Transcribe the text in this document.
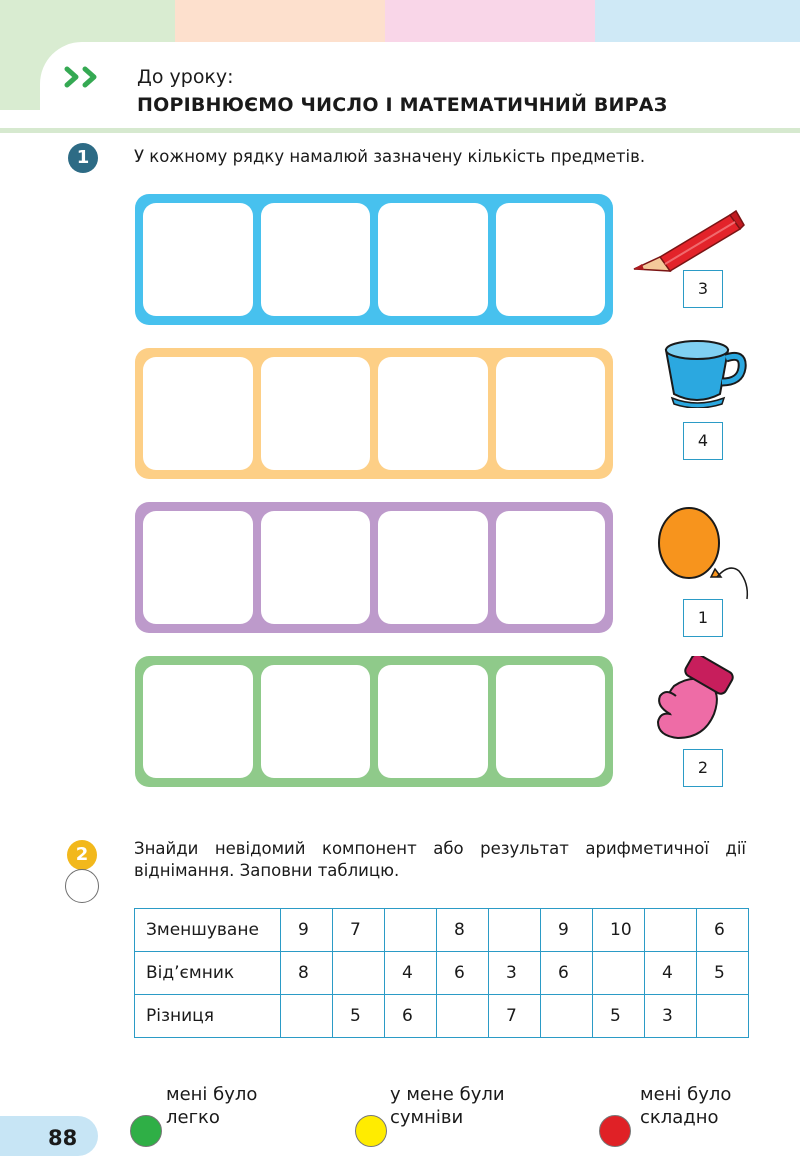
До уроку:
ПОРІВНЮЄМО ЧИСЛО І МАТЕМАТИЧНИЙ ВИРАЗ
1	У кожному рядку намалюй зазначену кількість предметів.
3
4
1
2
2	Знайди невідомий компонент або результат арифметичної дії
віднімання. Заповни таблицю.
Зменшуване	9	7		8		9	10		6
Від’ємник	8		4	6	3	6		4	5
Різниця		5	6		7		5	3	
88
мені було
легко
у мене були
сумніви
мені було
складно
